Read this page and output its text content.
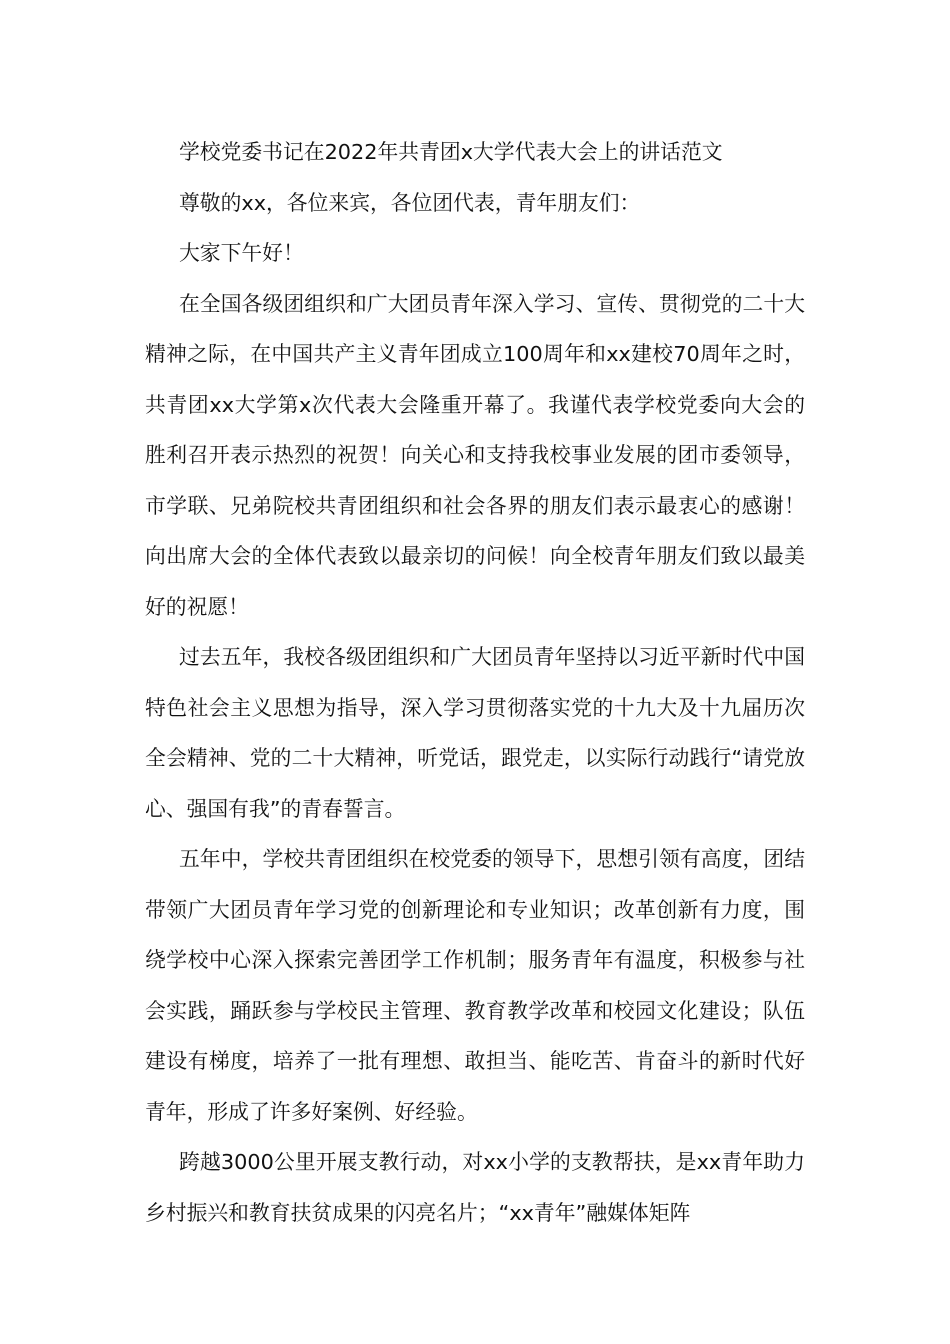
学校党委书记在2022年共青团x大学代表大会上的讲话范文

尊敬的xx，各位来宾，各位团代表，青年朋友们：

大家下午好！

在全国各级团组织和广大团员青年深入学习、宣传、贯彻党的二十大精神之际，在中国共产主义青年团成立100周年和xx建校70周年之时，共青团xx大学第x次代表大会隆重开幕了。我谨代表学校党委向大会的胜利召开表示热烈的祝贺！向关心和支持我校事业发展的团市委领导，市学联、兄弟院校共青团组织和社会各界的朋友们表示最衷心的感谢！向出席大会的全体代表致以最亲切的问候！向全校青年朋友们致以最美好的祝愿！

过去五年，我校各级团组织和广大团员青年坚持以习近平新时代中国特色社会主义思想为指导，深入学习贯彻落实党的十九大及十九届历次全会精神、党的二十大精神，听党话，跟党走，以实际行动践行“请党放心、强国有我”的青春誓言。

五年中，学校共青团组织在校党委的领导下，思想引领有高度，团结带领广大团员青年学习党的创新理论和专业知识；改革创新有力度，围绕学校中心深入探索完善团学工作机制；服务青年有温度，积极参与社会实践，踊跃参与学校民主管理、教育教学改革和校园文化建设；队伍建设有梯度，培养了一批有理想、敢担当、能吃苦、肯奋斗的新时代好青年，形成了许多好案例、好经验。

跨越3000公里开展支教行动，对xx小学的支教帮扶，是xx青年助力乡村振兴和教育扶贫成果的闪亮名片；“xx青年”融媒体矩阵
